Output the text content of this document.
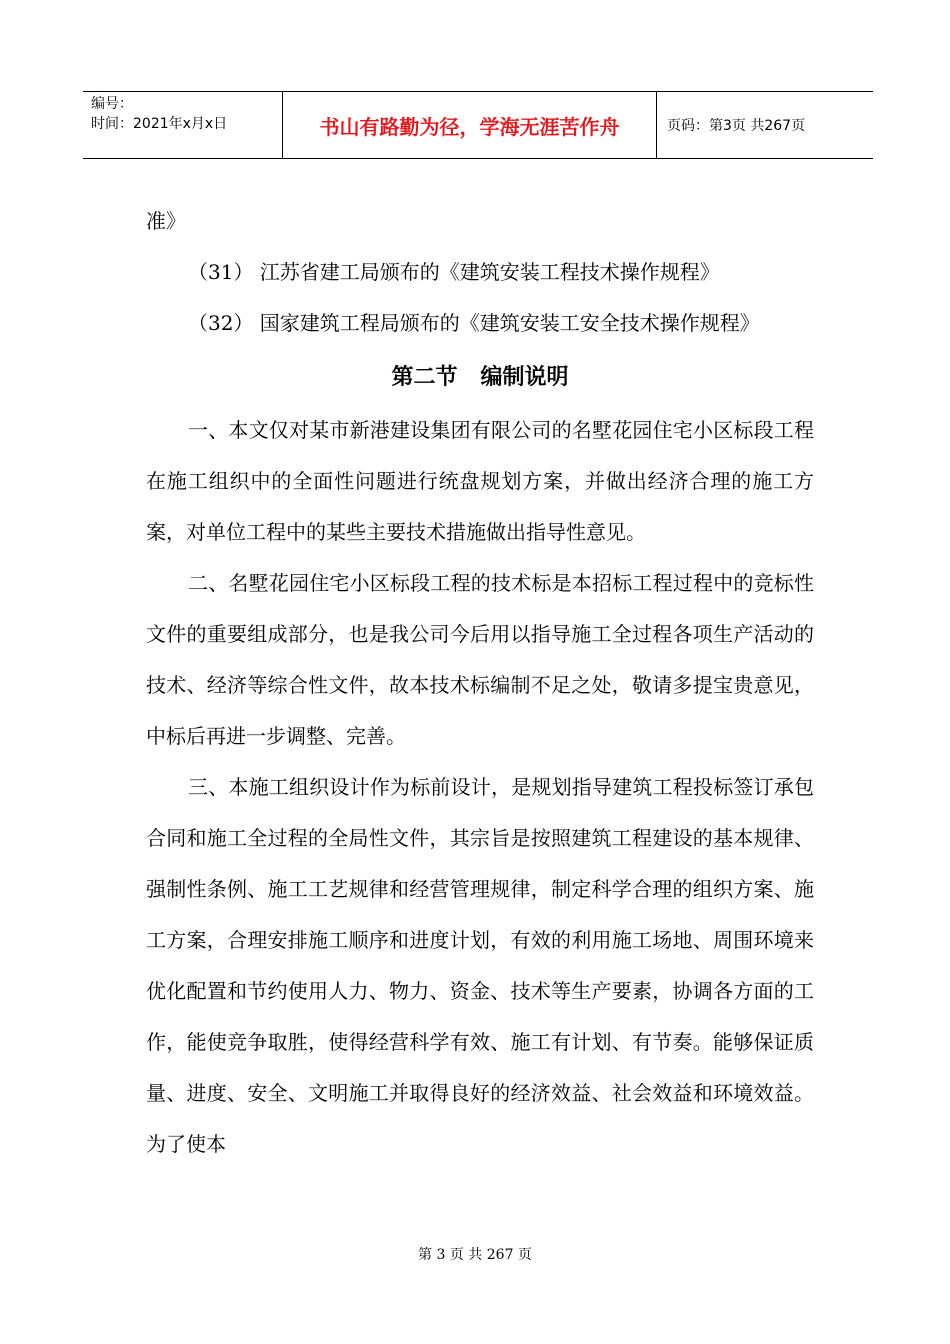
编号：
时间：2021年x月x日	书山有路勤为径，学海无涯苦作舟	页码：第3页 共267页

准》

（31） 江苏省建工局颁布的《建筑安装工程技术操作规程》

（32） 国家建筑工程局颁布的《建筑安装工安全技术操作规程》

第二节   编制说明

一、本文仅对某市新港建设集团有限公司的名墅花园住宅小区标段工程在施工组织中的全面性问题进行统盘规划方案，并做出经济合理的施工方案，对单位工程中的某些主要技术措施做出指导性意见。

二、名墅花园住宅小区标段工程的技术标是本招标工程过程中的竞标性文件的重要组成部分，也是我公司今后用以指导施工全过程各项生产活动的技术、经济等综合性文件，故本技术标编制不足之处，敬请多提宝贵意见，中标后再进一步调整、完善。

三、本施工组织设计作为标前设计，是规划指导建筑工程投标签订承包合同和施工全过程的全局性文件，其宗旨是按照建筑工程建设的基本规律、强制性条例、施工工艺规律和经营管理规律，制定科学合理的组织方案、施工方案，合理安排施工顺序和进度计划，有效的利用施工场地、周围环境来优化配置和节约使用人力、物力、资金、技术等生产要素，协调各方面的工作，能使竞争取胜，使得经营科学有效、施工有计划、有节奏。能够保证质量、进度、安全、文明施工并取得良好的经济效益、社会效益和环境效益。为了使本

第 3 页 共 267 页
